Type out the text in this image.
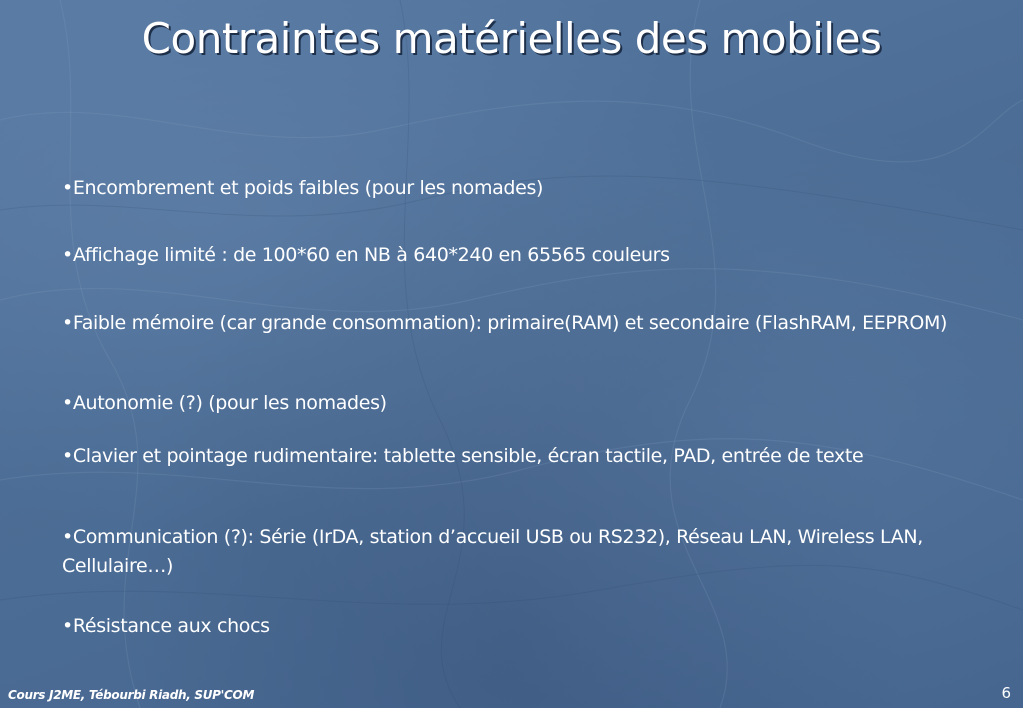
Contraintes matérielles des mobiles
•Encombrement et poids faibles (pour les nomades)
•Affichage limité : de 100*60 en NB à 640*240 en 65565 couleurs
•Faible mémoire (car grande consommation): primaire(RAM) et secondaire (FlashRAM, EEPROM)
•Autonomie (?) (pour les nomades)
•Clavier et pointage rudimentaire: tablette sensible, écran tactile, PAD, entrée de texte
•Communication (?): Série (IrDA, station d’accueil USB ou RS232), Réseau LAN, Wireless LAN, Cellulaire…)
•Résistance aux chocs
Cours J2ME, Tébourbi Riadh, SUP'COM	6
